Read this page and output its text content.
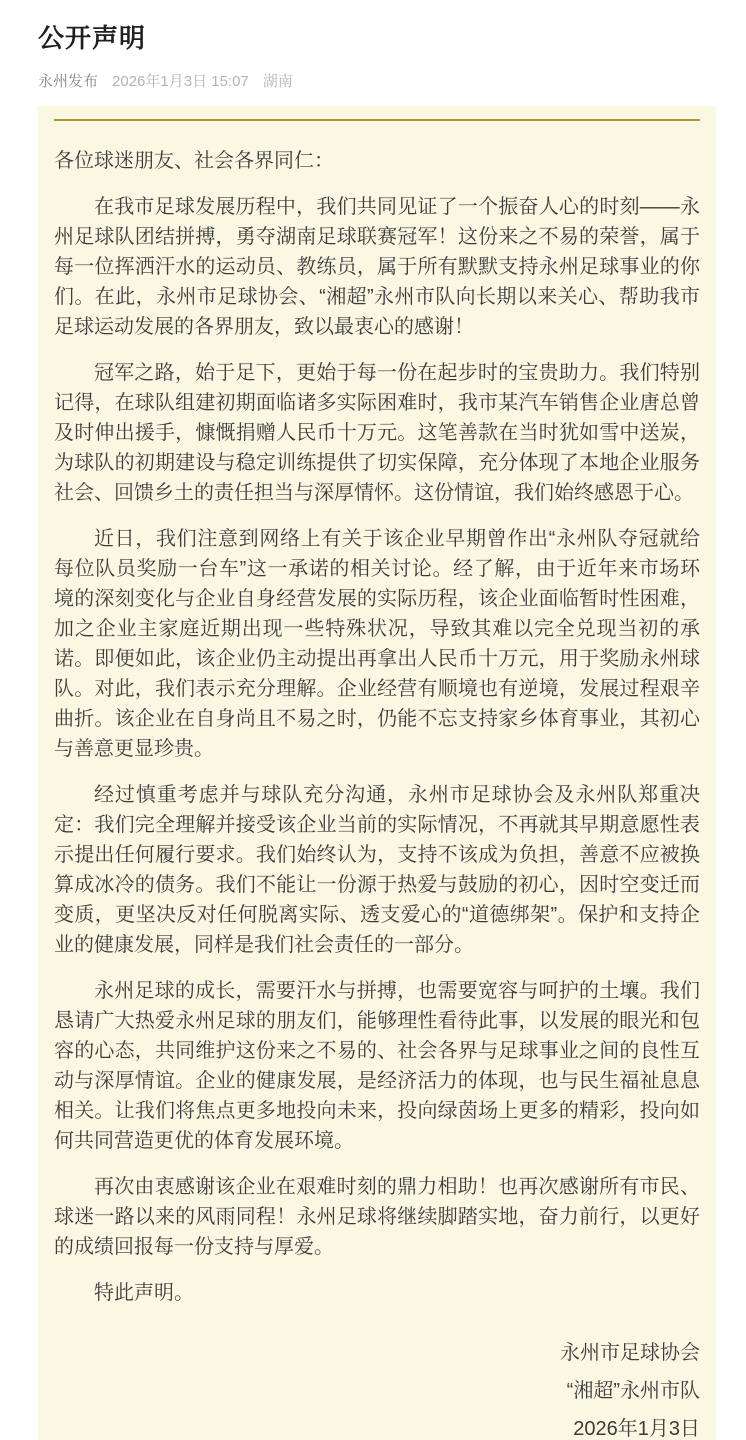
公开声明
永州发布 2026年1月3日 15:07 湖南

各位球迷朋友、社会各界同仁：

在我市足球发展历程中，我们共同见证了一个振奋人心的时刻——永州足球队团结拼搏，勇夺湖南足球联赛冠军！这份来之不易的荣誉，属于每一位挥洒汗水的运动员、教练员，属于所有默默支持永州足球事业的你们。在此，永州市足球协会、“湘超”永州市队向长期以来关心、帮助我市足球运动发展的各界朋友，致以最衷心的感谢！

冠军之路，始于足下，更始于每一份在起步时的宝贵助力。我们特别记得，在球队组建初期面临诸多实际困难时，我市某汽车销售企业唐总曾及时伸出援手，慷慨捐赠人民币十万元。这笔善款在当时犹如雪中送炭，为球队的初期建设与稳定训练提供了切实保障，充分体现了本地企业服务社会、回馈乡土的责任担当与深厚情怀。这份情谊，我们始终感恩于心。

近日，我们注意到网络上有关于该企业早期曾作出“永州队夺冠就给每位队员奖励一台车”这一承诺的相关讨论。经了解，由于近年来市场环境的深刻变化与企业自身经营发展的实际历程，该企业面临暂时性困难，加之企业主家庭近期出现一些特殊状况，导致其难以完全兑现当初的承诺。即便如此，该企业仍主动提出再拿出人民币十万元，用于奖励永州球队。对此，我们表示充分理解。企业经营有顺境也有逆境，发展过程艰辛曲折。该企业在自身尚且不易之时，仍能不忘支持家乡体育事业，其初心与善意更显珍贵。

经过慎重考虑并与球队充分沟通，永州市足球协会及永州队郑重决定：我们完全理解并接受该企业当前的实际情况，不再就其早期意愿性表示提出任何履行要求。我们始终认为，支持不该成为负担，善意不应被换算成冰冷的债务。我们不能让一份源于热爱与鼓励的初心，因时空变迁而变质，更坚决反对任何脱离实际、透支爱心的“道德绑架”。保护和支持企业的健康发展，同样是我们社会责任的一部分。

永州足球的成长，需要汗水与拼搏，也需要宽容与呵护的土壤。我们恳请广大热爱永州足球的朋友们，能够理性看待此事，以发展的眼光和包容的心态，共同维护这份来之不易的、社会各界与足球事业之间的良性互动与深厚情谊。企业的健康发展，是经济活力的体现，也与民生福祉息息相关。让我们将焦点更多地投向未来，投向绿茵场上更多的精彩，投向如何共同营造更优的体育发展环境。

再次由衷感谢该企业在艰难时刻的鼎力相助！也再次感谢所有市民、球迷一路以来的风雨同程！永州足球将继续脚踏实地，奋力前行，以更好的成绩回报每一份支持与厚爱。

特此声明。

永州市足球协会

“湘超”永州市队

2026年1月3日
